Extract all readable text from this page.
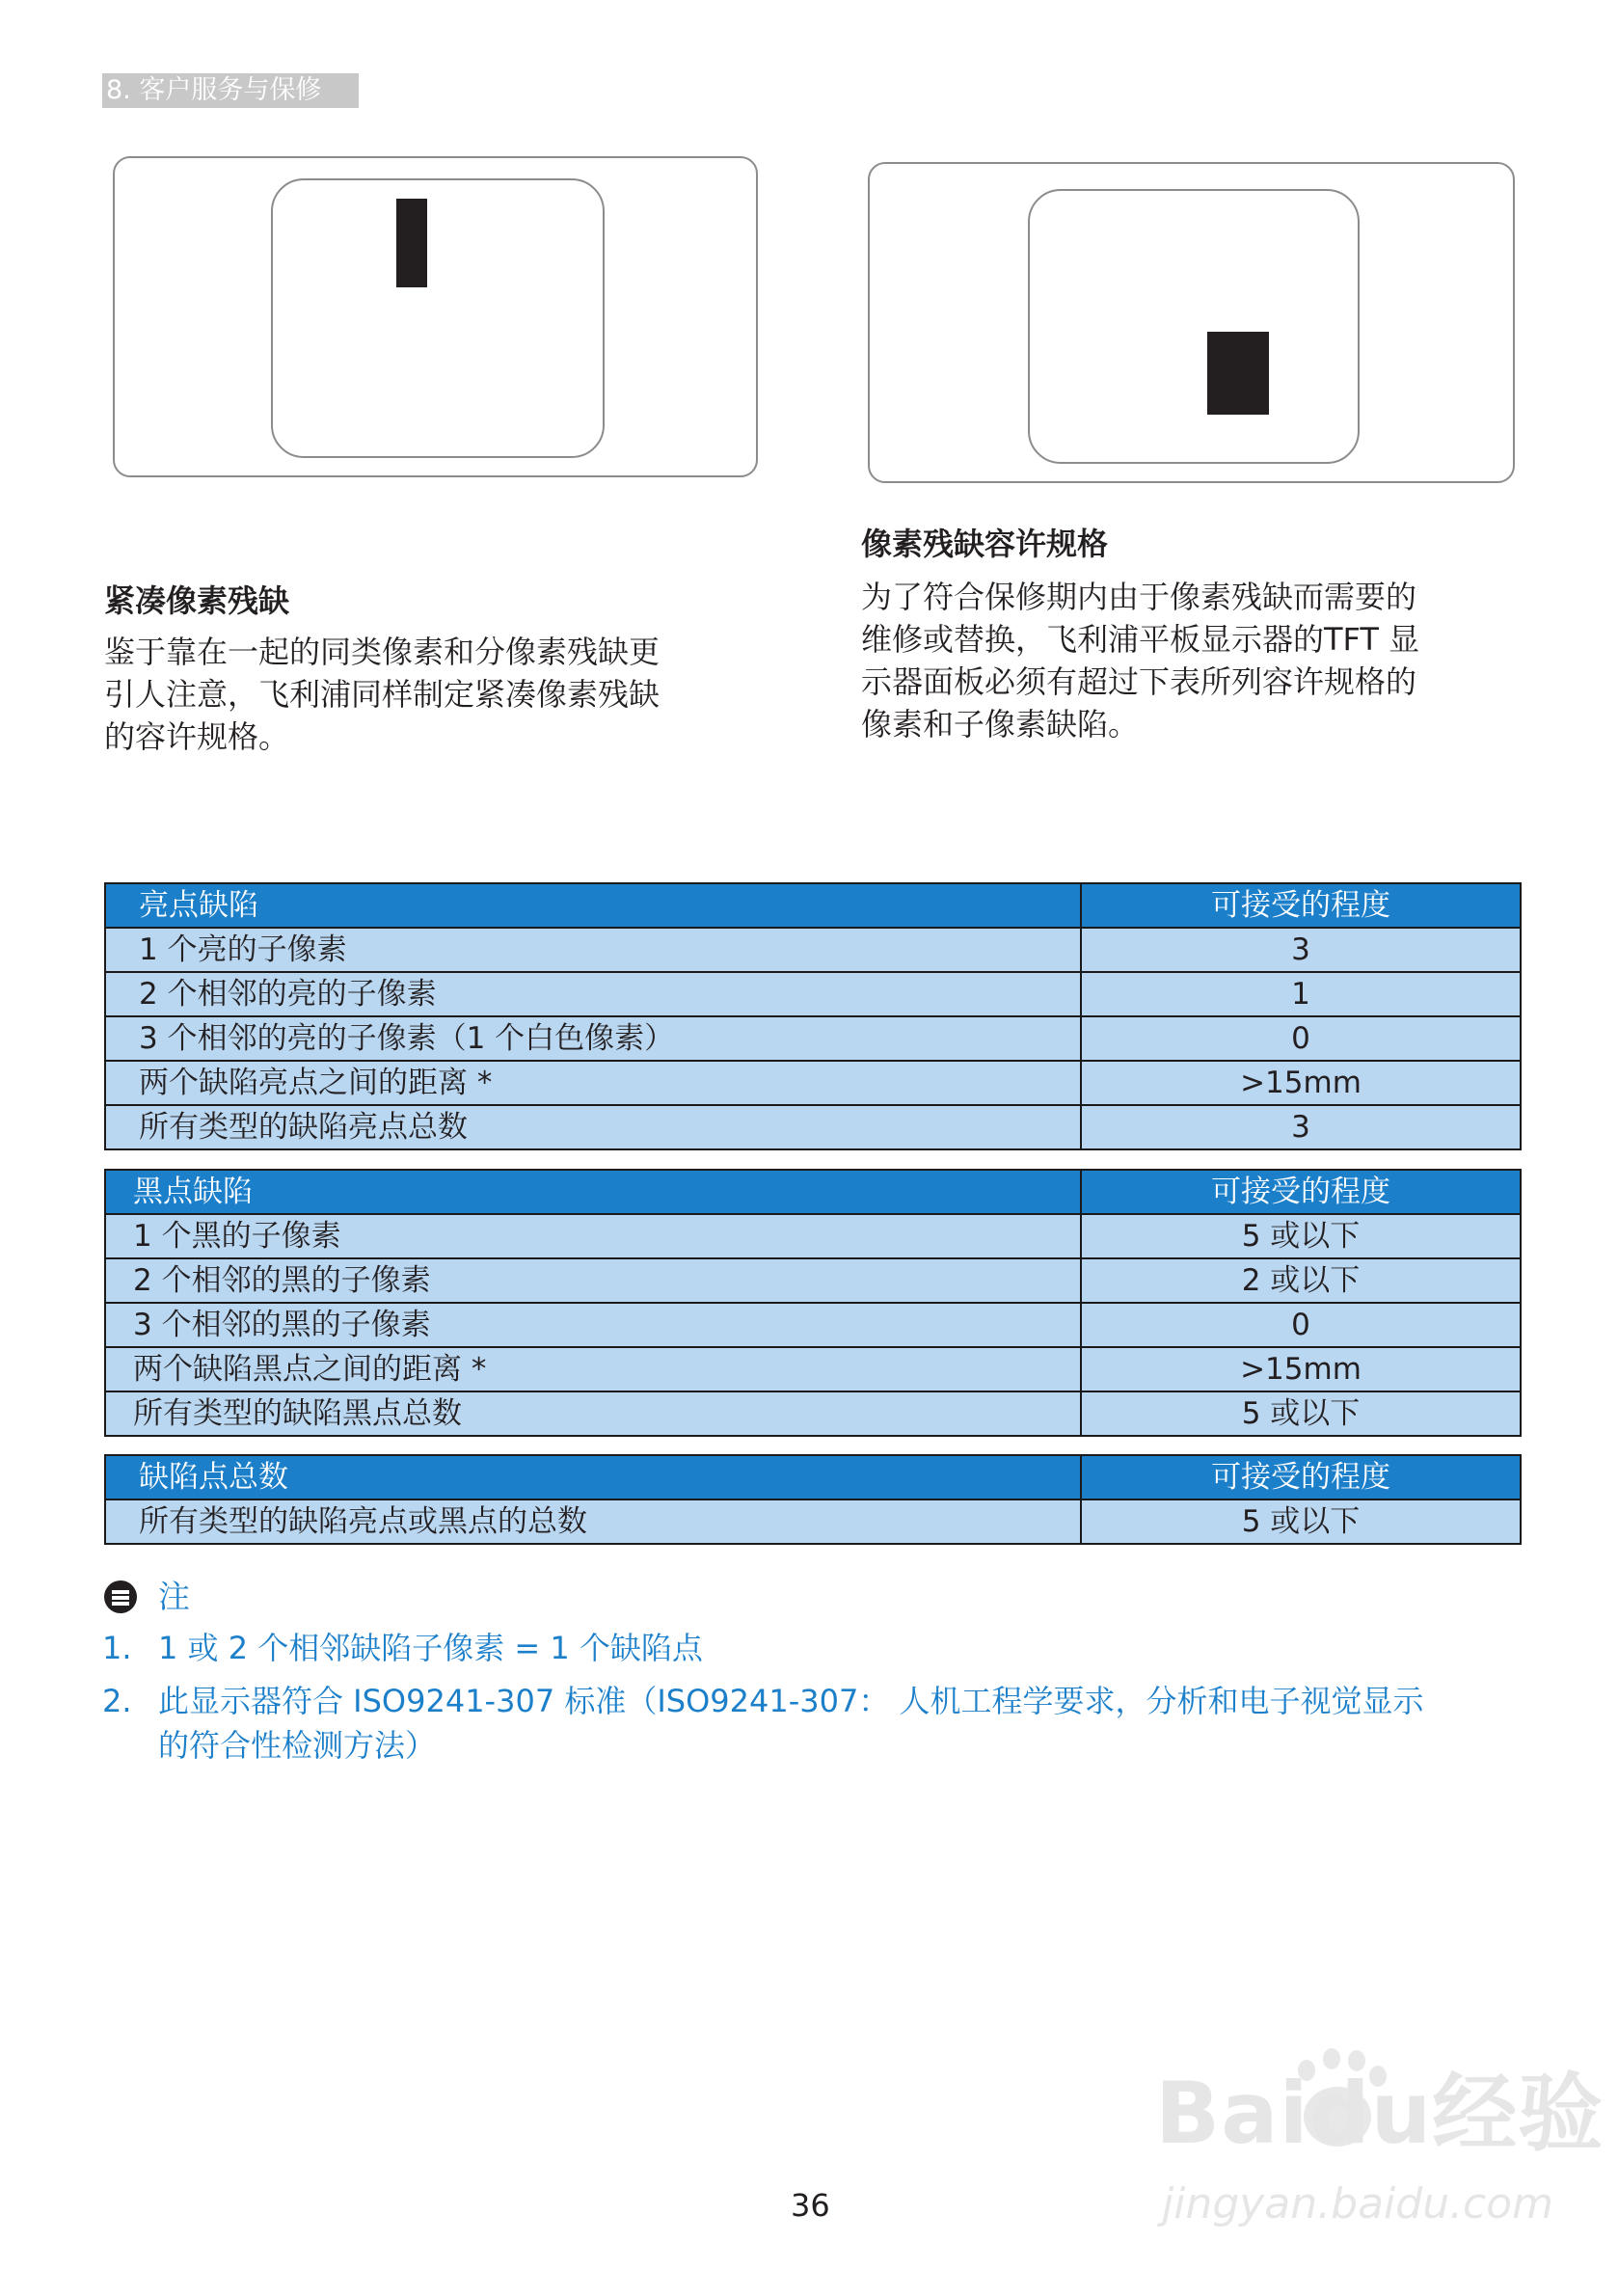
8. 客户服务与保修
紧凑像素残缺
鉴于靠在一起的同类像素和分像素残缺更
引人注意，飞利浦同样制定紧凑像素残缺
的容许规格。
像素残缺容许规格
为了符合保修期内由于像素残缺而需要的
维修或替换，飞利浦平板显示器的TFT 显
示器面板必须有超过下表所列容许规格的
像素和子像素缺陷。
亮点缺陷	可接受的程度
1 个亮的子像素	3
2 个相邻的亮的子像素	1
3 个相邻的亮的子像素（1 个白色像素）	0
两个缺陷亮点之间的距离 *	>15mm
所有类型的缺陷亮点总数	3
黑点缺陷	可接受的程度
1 个黑的子像素	5 或以下
2 个相邻的黑的子像素	2 或以下
3 个相邻的黑的子像素	0
两个缺陷黑点之间的距离 *	>15mm
所有类型的缺陷黑点总数	5 或以下
缺陷点总数	可接受的程度
所有类型的缺陷亮点或黑点的总数	5 或以下
注
1. 1 或 2 个相邻缺陷子像素 = 1 个缺陷点
2. 此显示器符合 ISO9241-307 标准（ISO9241-307： 人机工程学要求，分析和电子视觉显示
的符合性检测方法）
36
Baidu经验
jingyan.baidu.com
